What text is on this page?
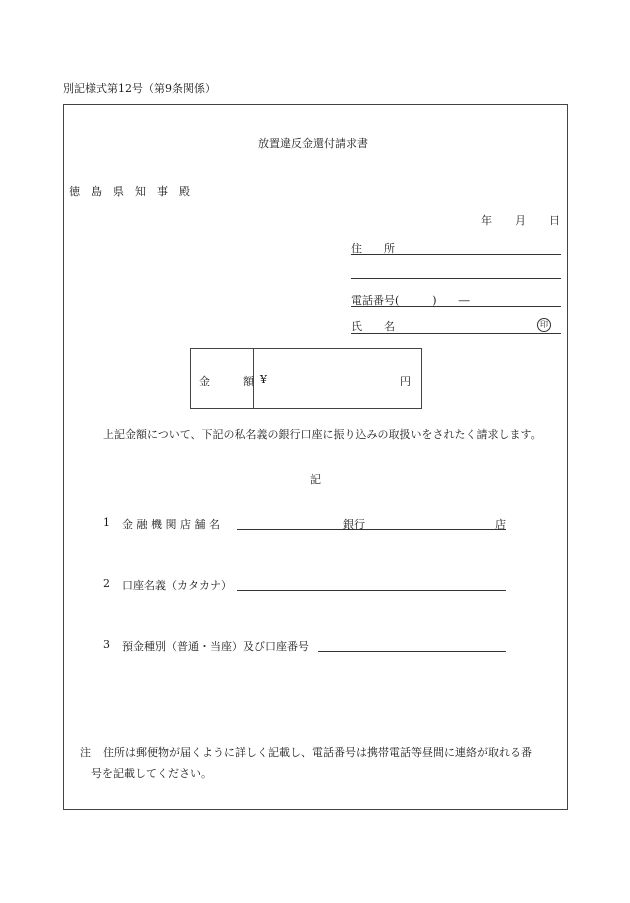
別記様式第12号（第9条関係）
放置違反金還付請求書
徳　島　県　知　事　殿
年 月 日
住　　所
電話番号(　　　)　　―
氏　　名	印
金　　　額 ¥	円
上記金額について、下記の私名義の銀行口座に振り込みの取扱いをされたく請求します。
記
1 金 融 機 関 店 舗 名	銀行	店
2 口座名義（カタカナ）
3 預金種別（普通・当座）及び口座番号
注 住所は郵便物が届くように詳しく記載し、電話番号は携帯電話等昼間に連絡が取れる番
号を記載してください。
